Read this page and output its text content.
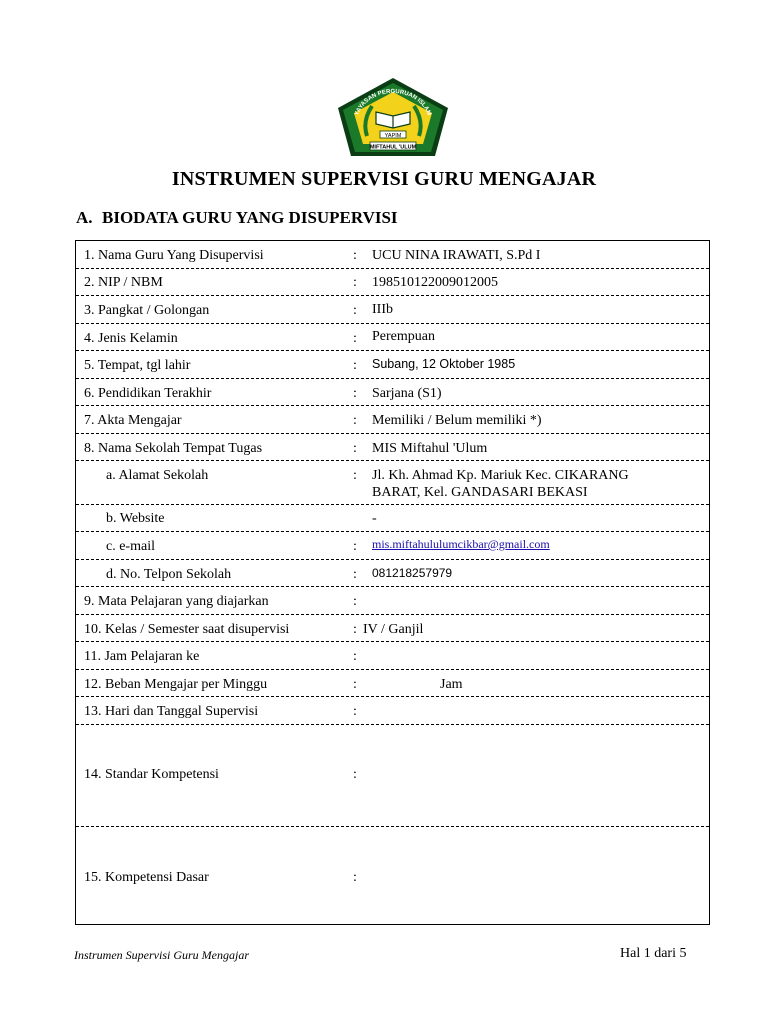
YAPIM
MIFTAHUL 'ULUM
YAYASAN PERGURUAN ISLAM
INSTRUMEN SUPERVISI GURU MENGAJAR
A. BIODATA GURU YANG DISUPERVISI
1. Nama Guru Yang Disupervisi	: UCU NINA IRAWATI, S.Pd I
2. NIP / NBM	: 198510122009012005
3. Pangkat / Golongan	: IIIb
4. Jenis Kelamin	: Perempuan
5. Tempat, tgl lahir	: Subang, 12 Oktober 1985
6. Pendidikan Terakhir	: Sarjana (S1)
7. Akta Mengajar	: Memiliki / Belum memiliki *)
8. Nama Sekolah Tempat Tugas	: MIS Miftahul 'Ulum
a. Alamat Sekolah	: Jl. Kh. Ahmad Kp. Mariuk Kec. CIKARANG BARAT, Kel. GANDASARI BEKASI
b. Website	-
c. e-mail	: mis.miftahululumcikbar@gmail.com
d. No. Telpon Sekolah	: 081218257979
9. Mata Pelajaran yang diajarkan	:
10. Kelas / Semester saat disupervisi	: IV / Ganjil
11. Jam Pelajaran ke	:
12. Beban Mengajar per Minggu	:	Jam
13. Hari dan Tanggal Supervisi	:
14. Standar Kompetensi	:
15. Kompetensi Dasar	:
Instrumen Supervisi Guru Mengajar	Hal 1 dari 5
